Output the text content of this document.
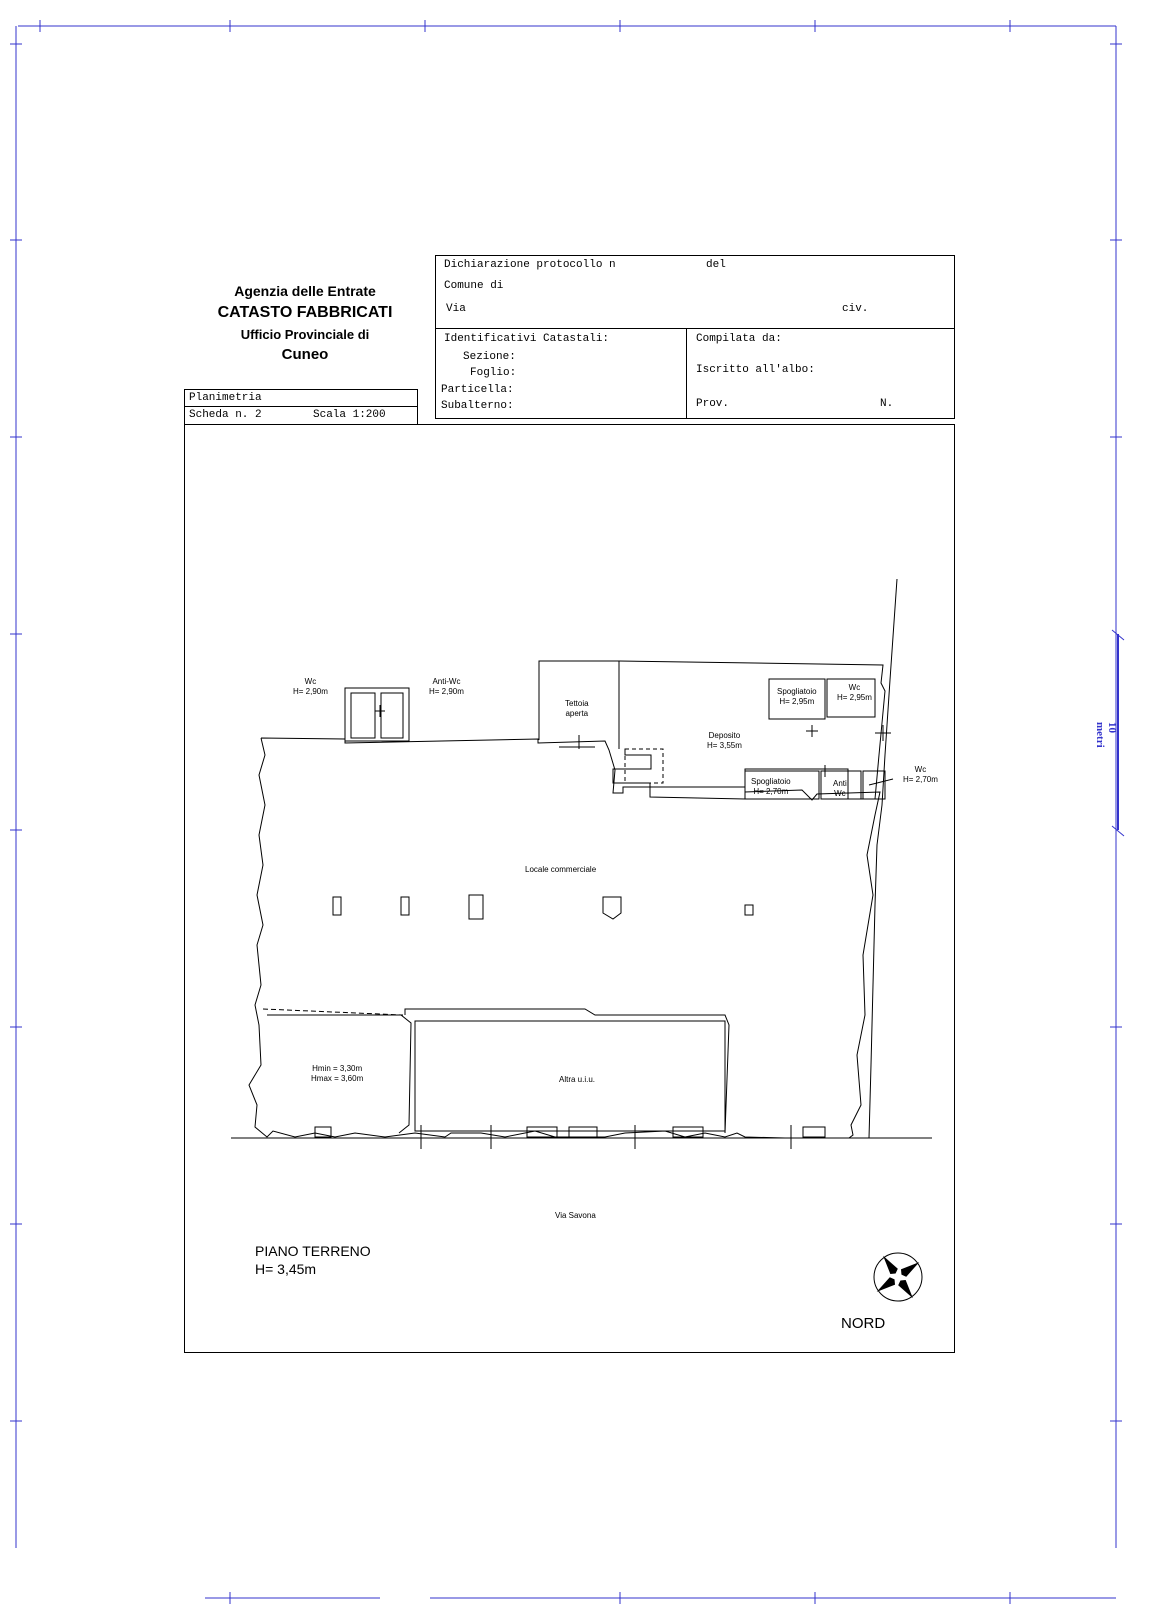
10 metri
Agenzia delle Entrate
CATASTO FABBRICATI
Ufficio Provinciale di
Cuneo
Planimetria
Scheda n. 2	Scala 1:200
Dichiarazione protocollo n	del
Comune di
Via	civ.
Identificativi Catastali:
Sezione:
Foglio:
Particella:
Subalterno:
Compilata da:
Iscritto all'albo:
Prov.	N.
Wc
H= 2,90m
Anti-Wc
H= 2,90m
Tettoia
aperta
Deposito
H= 3,55m
Spogliatoio
H= 2,95m
Wc
H= 2,95m
Spogliatoio
H= 2,70m
Anti
Wc
Wc
H= 2,70m
Locale commerciale
Hmin = 3,30m
Hmax = 3,60m	Altra u.i.u.
Via Savona
PIANO TERRENO
H= 3,45m
NORD
